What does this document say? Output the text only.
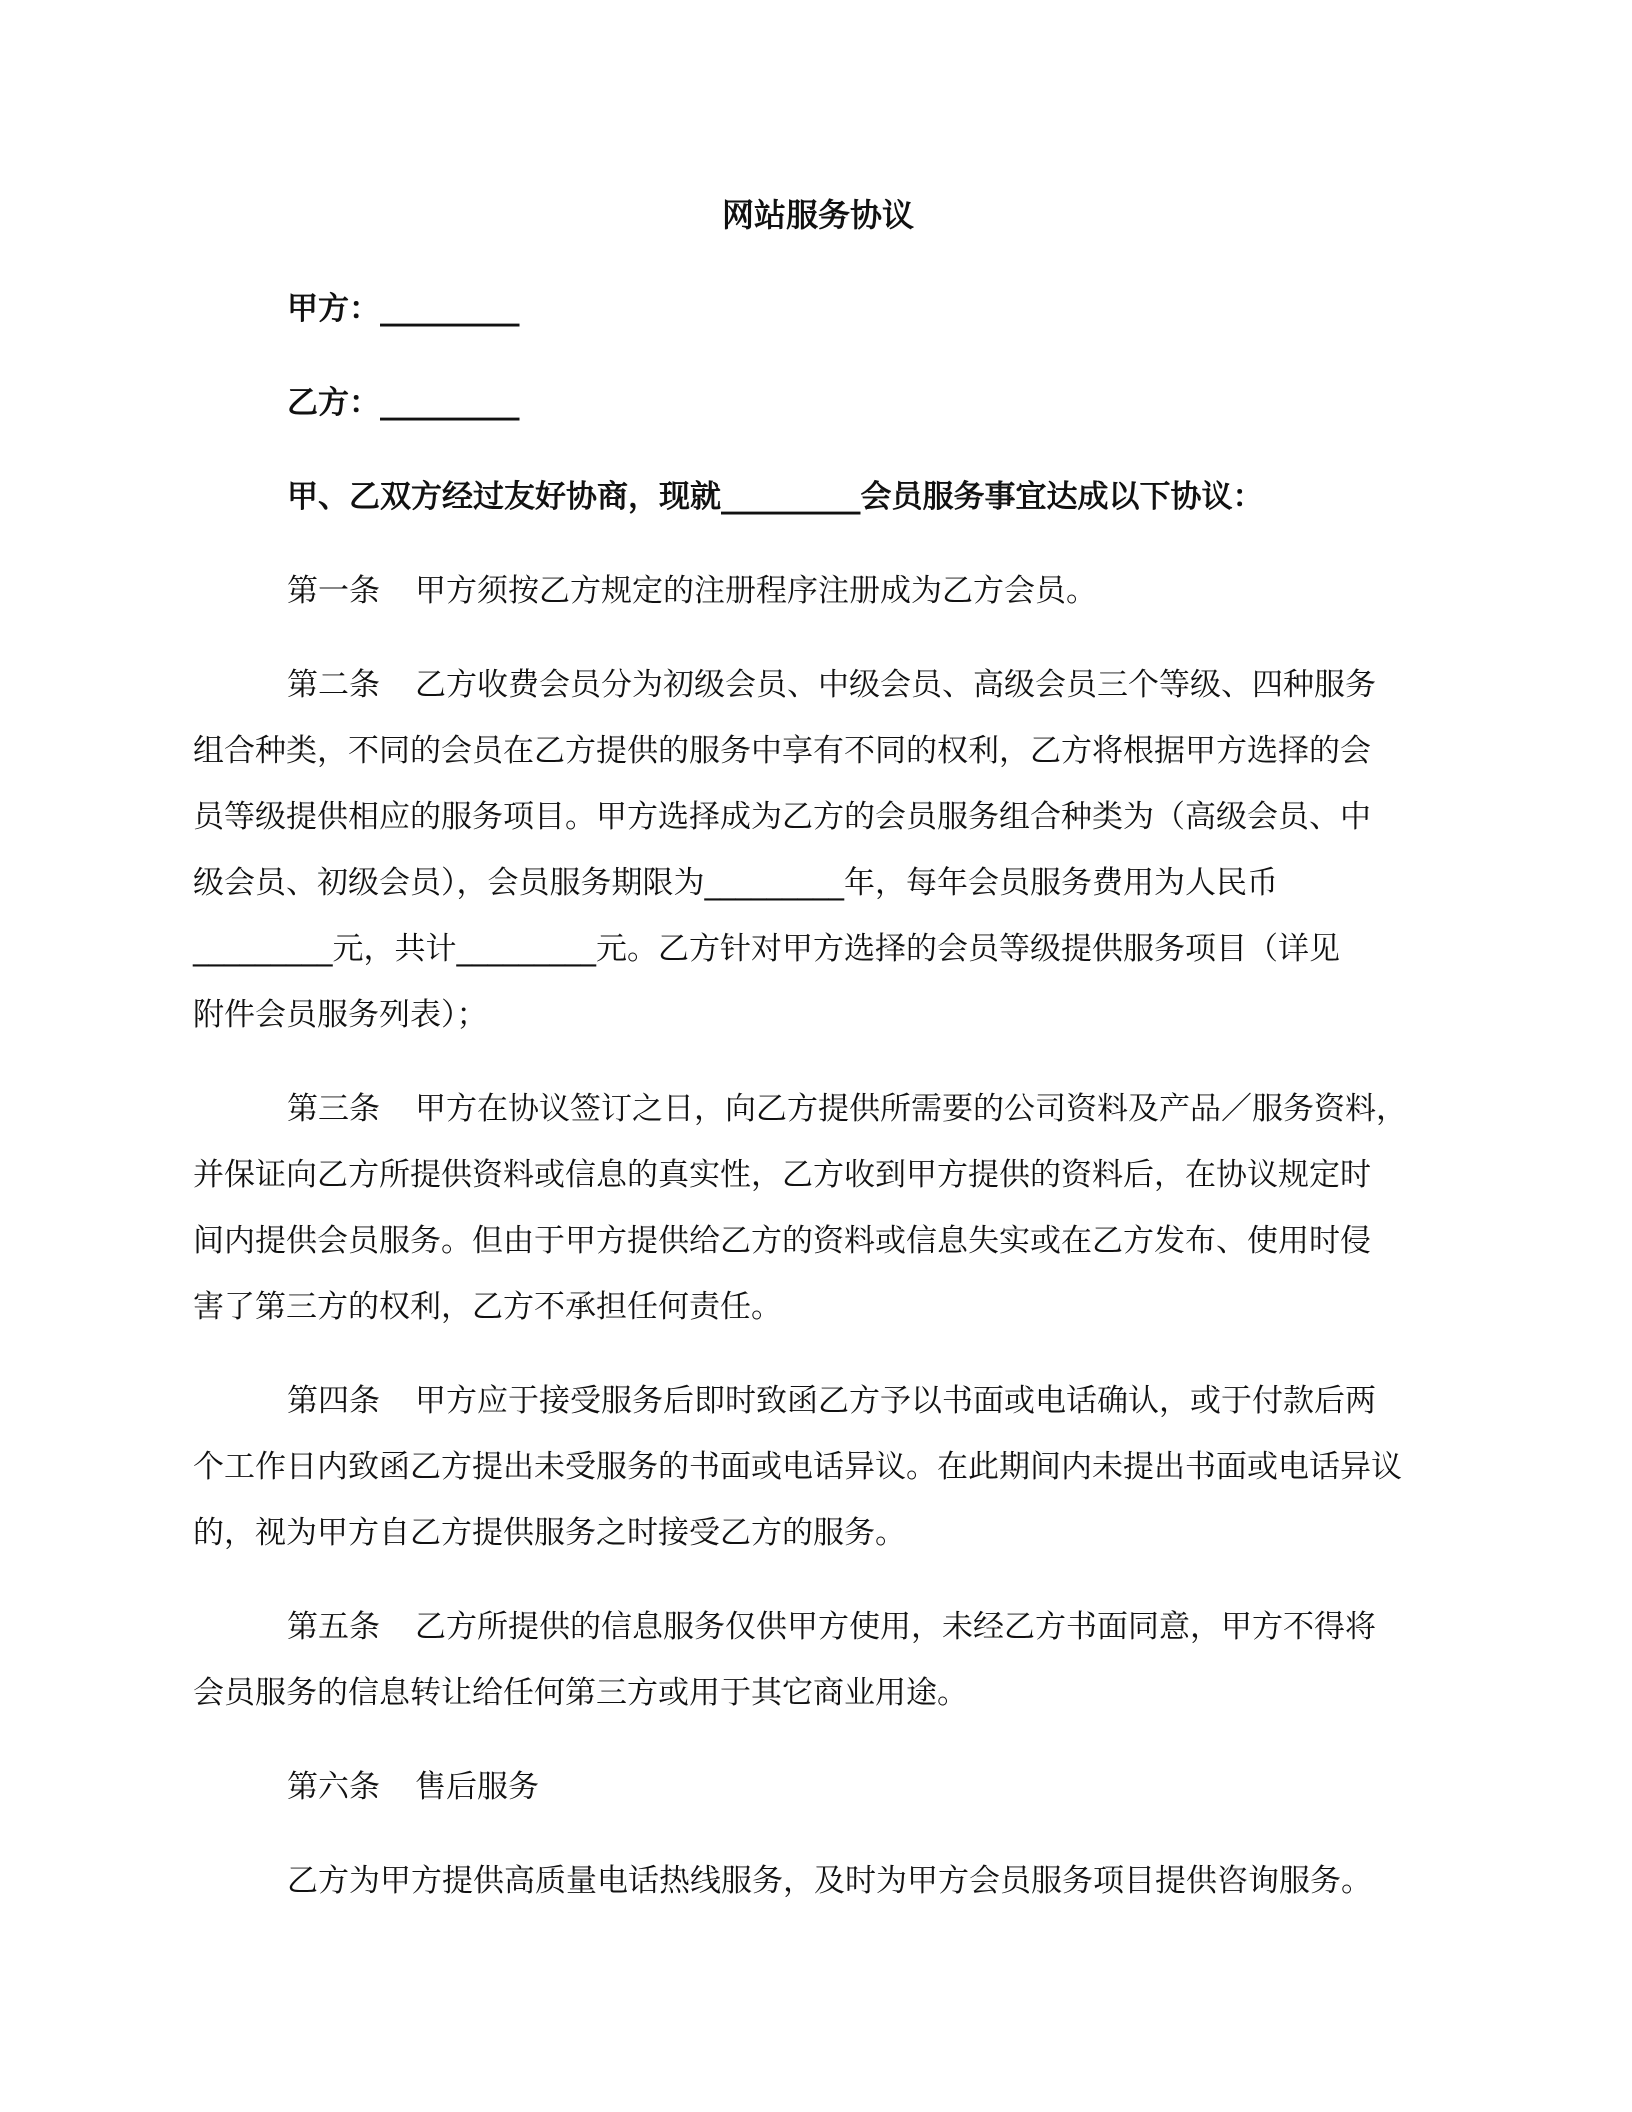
网站服务协议
甲方：_________
乙方：_________
甲、乙双方经过友好协商，现就_________会员服务事宜达成以下协议：
第一条 甲方须按乙方规定的注册程序注册成为乙方会员。
第二条 乙方收费会员分为初级会员、中级会员、高级会员三个等级、四种服务
组合种类，不同的会员在乙方提供的服务中享有不同的权利，乙方将根据甲方选择的会
员等级提供相应的服务项目。甲方选择成为乙方的会员服务组合种类为（高级会员、中
级会员、初级会员），会员服务期限为_________年，每年会员服务费用为人民币
_________元，共计_________元。乙方针对甲方选择的会员等级提供服务项目（详见
附件会员服务列表）；
第三条 甲方在协议签订之日，向乙方提供所需要的公司资料及产品／服务资料，
并保证向乙方所提供资料或信息的真实性，乙方收到甲方提供的资料后，在协议规定时
间内提供会员服务。但由于甲方提供给乙方的资料或信息失实或在乙方发布、使用时侵
害了第三方的权利，乙方不承担任何责任。
第四条 甲方应于接受服务后即时致函乙方予以书面或电话确认，或于付款后两
个工作日内致函乙方提出未受服务的书面或电话异议。在此期间内未提出书面或电话异议
的，视为甲方自乙方提供服务之时接受乙方的服务。
第五条 乙方所提供的信息服务仅供甲方使用，未经乙方书面同意，甲方不得将
会员服务的信息转让给任何第三方或用于其它商业用途。
第六条 售后服务
乙方为甲方提供高质量电话热线服务，及时为甲方会员服务项目提供咨询服务。
